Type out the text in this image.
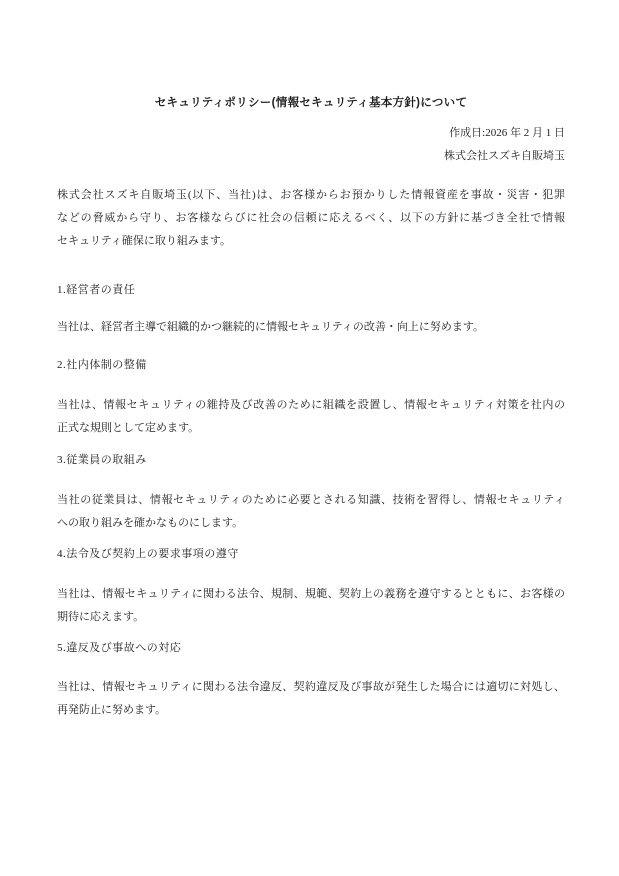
セキュリティポリシー(情報セキュリティ基本方針)について
作成日:2026 年 2 月 1 日
株式会社スズキ自販埼玉
株式会社スズキ自販埼玉(以下、当社)は、お客様からお預かりした情報資産を事故・災害・犯罪
などの脅威から守り、お客様ならびに社会の信頼に応えるべく、以下の方針に基づき全社で情報
セキュリティ確保に取り組みます。
1.経営者の責任
当社は、経営者主導で組織的かつ継続的に情報セキュリティの改善・向上に努めます。
2.社内体制の整備
当社は、情報セキュリティの維持及び改善のために組織を設置し、情報セキュリティ対策を社内の
正式な規則として定めます。
3.従業員の取組み
当社の従業員は、情報セキュリティのために必要とされる知識、技術を習得し、情報セキュリティ
への取り組みを確かなものにします。
4.法令及び契約上の要求事項の遵守
当社は、情報セキュリティに関わる法令、規制、規範、契約上の義務を遵守するとともに、お客様の
期待に応えます。
5.違反及び事故への対応
当社は、情報セキュリティに関わる法令違反、契約違反及び事故が発生した場合には適切に対処し、
再発防止に努めます。
